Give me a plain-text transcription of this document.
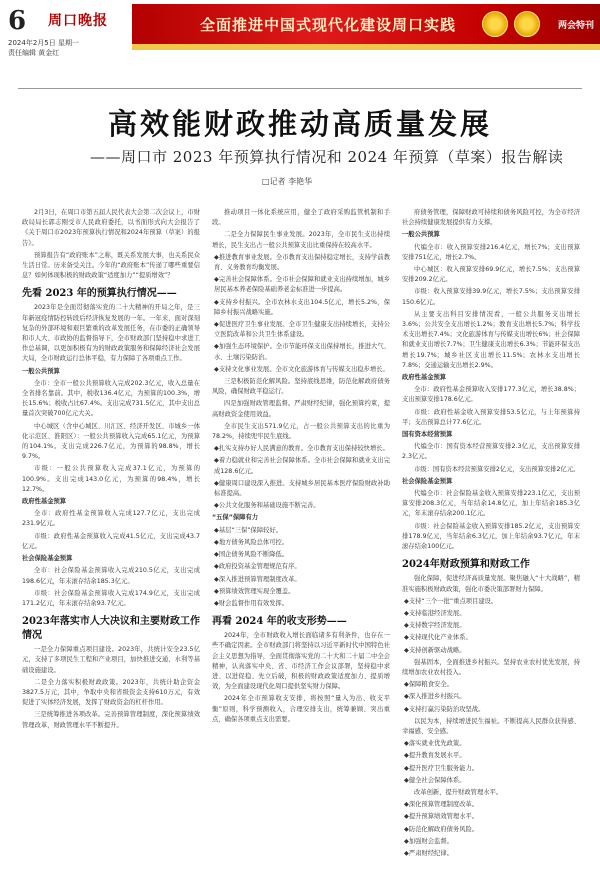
6 周口晚报
2024年2月5日 星期一
责任编辑 黄金红
全面推进中国式现代化建设周口实践	两会特刊
高效能财政推动高质量发展
——周口市 2023 年预算执行情况和 2024 年预算（草案）报告解读
□记者 李艳华

2月3日，在周口市第五届人民代表大会第二次会议上，市财政局局长郭志刚受市人民政府委托，以书面形式向大会报告了《关于周口市2023年预算执行情况和2024年预算（草案）的报告》。

预算报告有“政府账本”之称，既关系发展大事，也关系民众生活日常。历来备受关注。今年的“政府账本”传递了哪些重要信息？如何体现积极的财政政策“适度加力”“提质增效”？

先看 2023 年的预算执行情况——

2023年是全面贯彻落实党的二十大精神的开局之年，是三年新冠疫情防控转段后经济恢复发展的一年。一年来，面对深刻复杂的外部环境和艰巨繁重的改革发展任务，在市委的正确领导和市人大、市政协的监督指导下，全市财政部门坚持稳中求进工作总基调，以更加积极有为的财政政策服务和保障经济社会发展大局，全市财政运行总体平稳，有力保障了各项重点工作。

一般公共预算

全市：全市一般公共预算收入完成202.3亿元，收入总量在全省排名靠前。其中，税收136.4亿元，为预算的100.3%，增长15.6%；税收占比67.4%。支出完成731.5亿元，其中支出总量首次突破700亿元大关。

中心城区（含中心城区、川汇区、经济开发区、市城乡一体化示范区、淮阳区）：一般公共预算收入完成65.1亿元，为预算的104.1%。支出完成226.7亿元，为预算的98.8%，增长9.7%。

市级：一般公共预算收入完成37.1亿元，为预算的100.9%。支出完成143.0亿元，为预算的98.4%，增长12.7%。

政府性基金预算

全市：政府性基金预算收入完成127.7亿元，支出完成231.9亿元。

市级：政府性基金预算收入完成41.5亿元，支出完成43.7亿元。

社会保险基金预算

全市：社会保险基金预算收入完成210.5亿元，支出完成198.6亿元，年末滚存结余185.3亿元。

市级：社会保险基金预算收入完成174.9亿元，支出完成171.2亿元，年末滚存结余93.7亿元。

2023年落实市人大决议和主要财政工作情况

一是全力保障重点项目建设。2023年，共统计安全23.5亿元，支持了多项民生工程和产业项目，加快推进交通、水利等基础设施建设。

二是全力落实积极财政政策。2023年，共统计助企资金3827.5万元，其中，争取中央和省级资金支持610万元，有效促进了实体经济发展，发挥了财政资金的杠杆作用。

三是统筹推进各项改革。完善预算管理制度，深化预算绩效管理改革，财政管理水平不断提升。

推动项目一体化系统应用，健全了政府采购监管机制和手段。

二是全力保障民生事业发展。2023年，全市民生支出持续增长，民生支出占一般公共预算支出比重保持在较高水平。

◆推进教育事业发展。全市教育支出保持稳定增长，支持学前教育、义务教育均衡发展。

◆完善社会保障体系。全市社会保障和就业支出持续增加，城乡居民基本养老保险基础养老金标准进一步提高。

◆支持乡村振兴。全市农林水支出104.5亿元，增长5.2%，保障乡村振兴战略实施。

◆促进医疗卫生事业发展。全市卫生健康支出持续增长，支持公立医院改革和公共卫生体系建设。

◆加强生态环境保护。全市节能环保支出保持增长，推进大气、水、土壤污染防治。

◆支持文化事业发展。全市文化旅游体育与传媒支出稳步增长。

三是积极防范化解风险。坚持底线思维，防范化解政府债务风险，确保财政平稳运行。

四是加强财政管理监督。严肃财经纪律，强化预算约束，提高财政资金使用效益。

全市民生支出571.9亿元，占一般公共预算支出的比重为78.2%，持续兜牢民生底线。

◆扎实支持办好人民满意的教育。全市教育支出保持较快增长。

◆着力稳就业和完善社会保障体系。全市社会保障和就业支出完成128.6亿元。

◆健康周口建设深入推进。支持城乡居民基本医疗保险财政补助标准提高。

◆公共文化服务和基础设施不断完善。

“五保”保障有力

◆基层“三保”保障较好。

◆地方债务风险总体可控。

◆国企债务风险不断降低。

◆政府投资基金管理规范有序。

◆深入推进预算管理制度改革。

◆预算绩效管理实现全覆盖。

◆财会监督作用有效发挥。

再看 2024 年的收支形势——

2024年，全市财政收入增长面临诸多有利条件，也存在一些不确定因素。全市财政部门将坚持以习近平新时代中国特色社会主义思想为指导，全面贯彻落实党的二十大和二十届二中全会精神，认真落实中央、省、市经济工作会议部署，坚持稳中求进、以进促稳、先立后破，积极的财政政策适度加力、提质增效，为全面建设现代化周口提供坚实财力保障。

2024年全市预算收支安排，将按照“量入为出、收支平衡”原则，科学预测收入，合理安排支出，统筹兼顾、突出重点，确保各项重点支出需要。

府债务管理，保障财政可持续和债务风险可控，为全市经济社会持续健康发展提供有力支撑。

一般公共预算

代编全市：收入预算安排216.4亿元，增长7%；支出预算安排751亿元，增长2.7%。

中心城区：收入预算安排69.9亿元，增长7.5%；支出预算安排209.2亿元。

市级：收入预算安排39.9亿元，增长7.5%；支出预算安排150.6亿元。

从主要支出科目安排情况看，一般公共服务支出增长3.6%；公共安全支出增长1.2%；教育支出增长5.7%；科学技术支出增长7.4%；文化旅游体育与传媒支出增长6%；社会保障和就业支出增长7.7%；卫生健康支出增长6.3%；节能环保支出增长19.7%；城乡社区支出增长11.5%；农林水支出增长7.8%；交通运输支出增长2.9%。

政府性基金预算

全市：政府性基金预算收入安排177.3亿元，增长38.8%；支出预算安排178.6亿元。

市级：政府性基金收入预算安排53.5亿元，与上年预算持平；支出预算总计77.6亿元。

国有资本经营预算

代编全市：国有资本经营预算安排2.3亿元，支出预算安排2.3亿元。

市级：国有资本经营预算安排2亿元，支出预算安排2亿元。

社会保险基金预算

代编全市：社会保险基金收入预算安排223.1亿元，支出预算安排208.3亿元，当年结余14.8亿元，加上年结余185.3亿元，年末滚存结余200.1亿元。

市级：社会保险基金收入预算安排185.2亿元，支出预算安排178.9亿元，当年结余6.3亿元，加上年结余93.7亿元，年末滚存结余100亿元。

2024年财政预算和财政工作

强化保障，促进经济高质量发展。聚焦融入“十大战略”，精准实施积极财政政策，强化市委决策部署财力保障。

◆支持“三个一批”重点项目建设。

◆支持临港经济发展。

◆支持数字经济发展。

◆支持现代化产业体系。

◆支持创新驱动战略。

强基固本，全面推进乡村振兴。坚持农业农村优先发展，持续增加农业农村投入。

◆保障粮食安全。

◆深入推进乡村振兴。

◆支持打赢污染防治攻坚战。

以民为本，持续增进民生福祉。不断提高人民群众获得感、幸福感、安全感。

◆落实就业优先政策。

◆提升教育发展水平。

◆提升医疗卫生服务能力。

◆健全社会保障体系。

改革创新，提升财政管理水平。

◆深化预算管理制度改革。

◆提升预算绩效管理水平。

◆防范化解政府债务风险。

◆加强财会监督。

◆严肃财经纪律。
